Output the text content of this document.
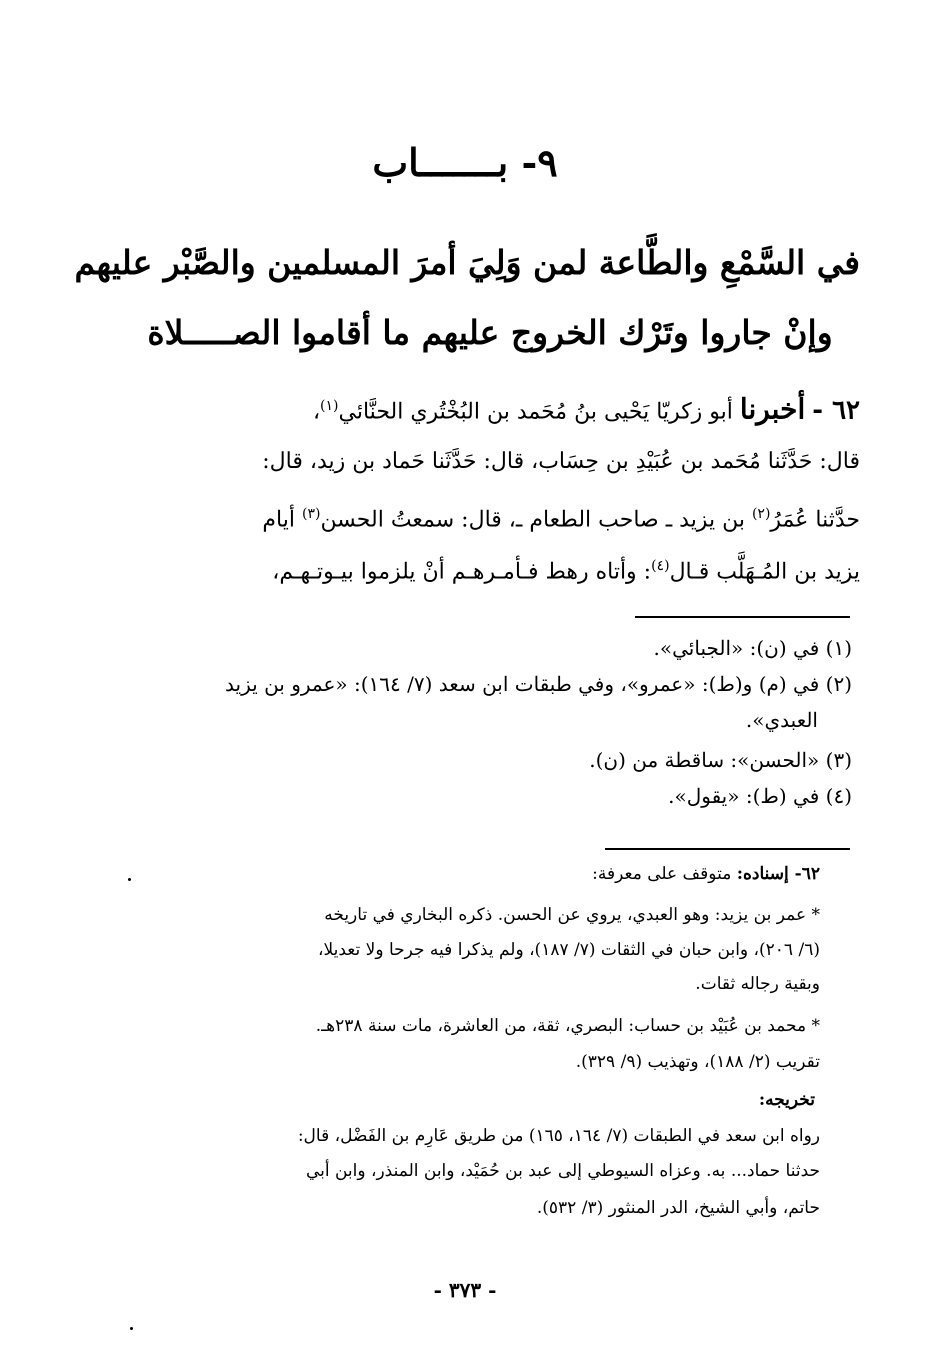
٩- بـــــــاب
في السَّمْعِ والطَّاعة لمن وَلِيَ أمرَ المسلمين والصَّبْر عليهم
وإنْ جاروا وتَرْك الخروج عليهم ما أقاموا الصـــــلاة
٦٢ - أخبرنا أبو زكريّا يَحْيى بنُ مُحَمد بن البُخْتُري الحنَّائي$^{(١)}$،
قال: حَدَّثَنا مُحَمد بن عُبَيْدِ بن حِسَاب، قال: حَدَّثَنا حَماد بن زيد، قال:
حدَّثنا عُمَرُ$^{(٢)}$ بن يزيد ـ صاحب الطعام ـ، قال: سمعتُ الحسن$^{(٣)}$ أيام
يزيد بن المُـهَلَّب قـال$^{(٤)}$: وأتاه رهط فـأمـرهـم أنْ يلزموا بيـوتـهـم،
(١) في (ن): «الجبائي».
(٢) في (م) و(ط): «عمرو»، وفي طبقات ابن سعد (٧/ ١٦٤): «عمرو بن يزيد
العبدي».
(٣) «الحسن»: ساقطة من (ن).
(٤) في (ط): «يقول».
٦٢- إسناده: متوقف على معرفة:
* عمر بن يزيد: وهو العبدي، يروي عن الحسن. ذكره البخاري في تاريخه
(٦/ ٢٠٦)، وابن حبان في الثقات (٧/ ١٨٧)، ولم يذكرا فيه جرحا ولا تعديلا،
وبقية رجاله ثقات.
* محمد بن عُبَيْد بن حساب: البصري، ثقة، من العاشرة، مات سنة ٢٣٨هـ.
تقريب (٢/ ١٨٨)، وتهذيب (٩/ ٣٢٩).
تخريجه:
رواه ابن سعد في الطبقات (٧/ ١٦٤، ١٦٥) من طريق عَارِم بن الفَضْل، قال:
حدثنا حماد... به. وعزاه السيوطي إلى عبد بن حُمَيْد، وابن المنذر، وابن أبي
حاتم، وأبي الشيخ، الدر المنثور (٣/ ٥٣٢).
- ٣٧٣ -
